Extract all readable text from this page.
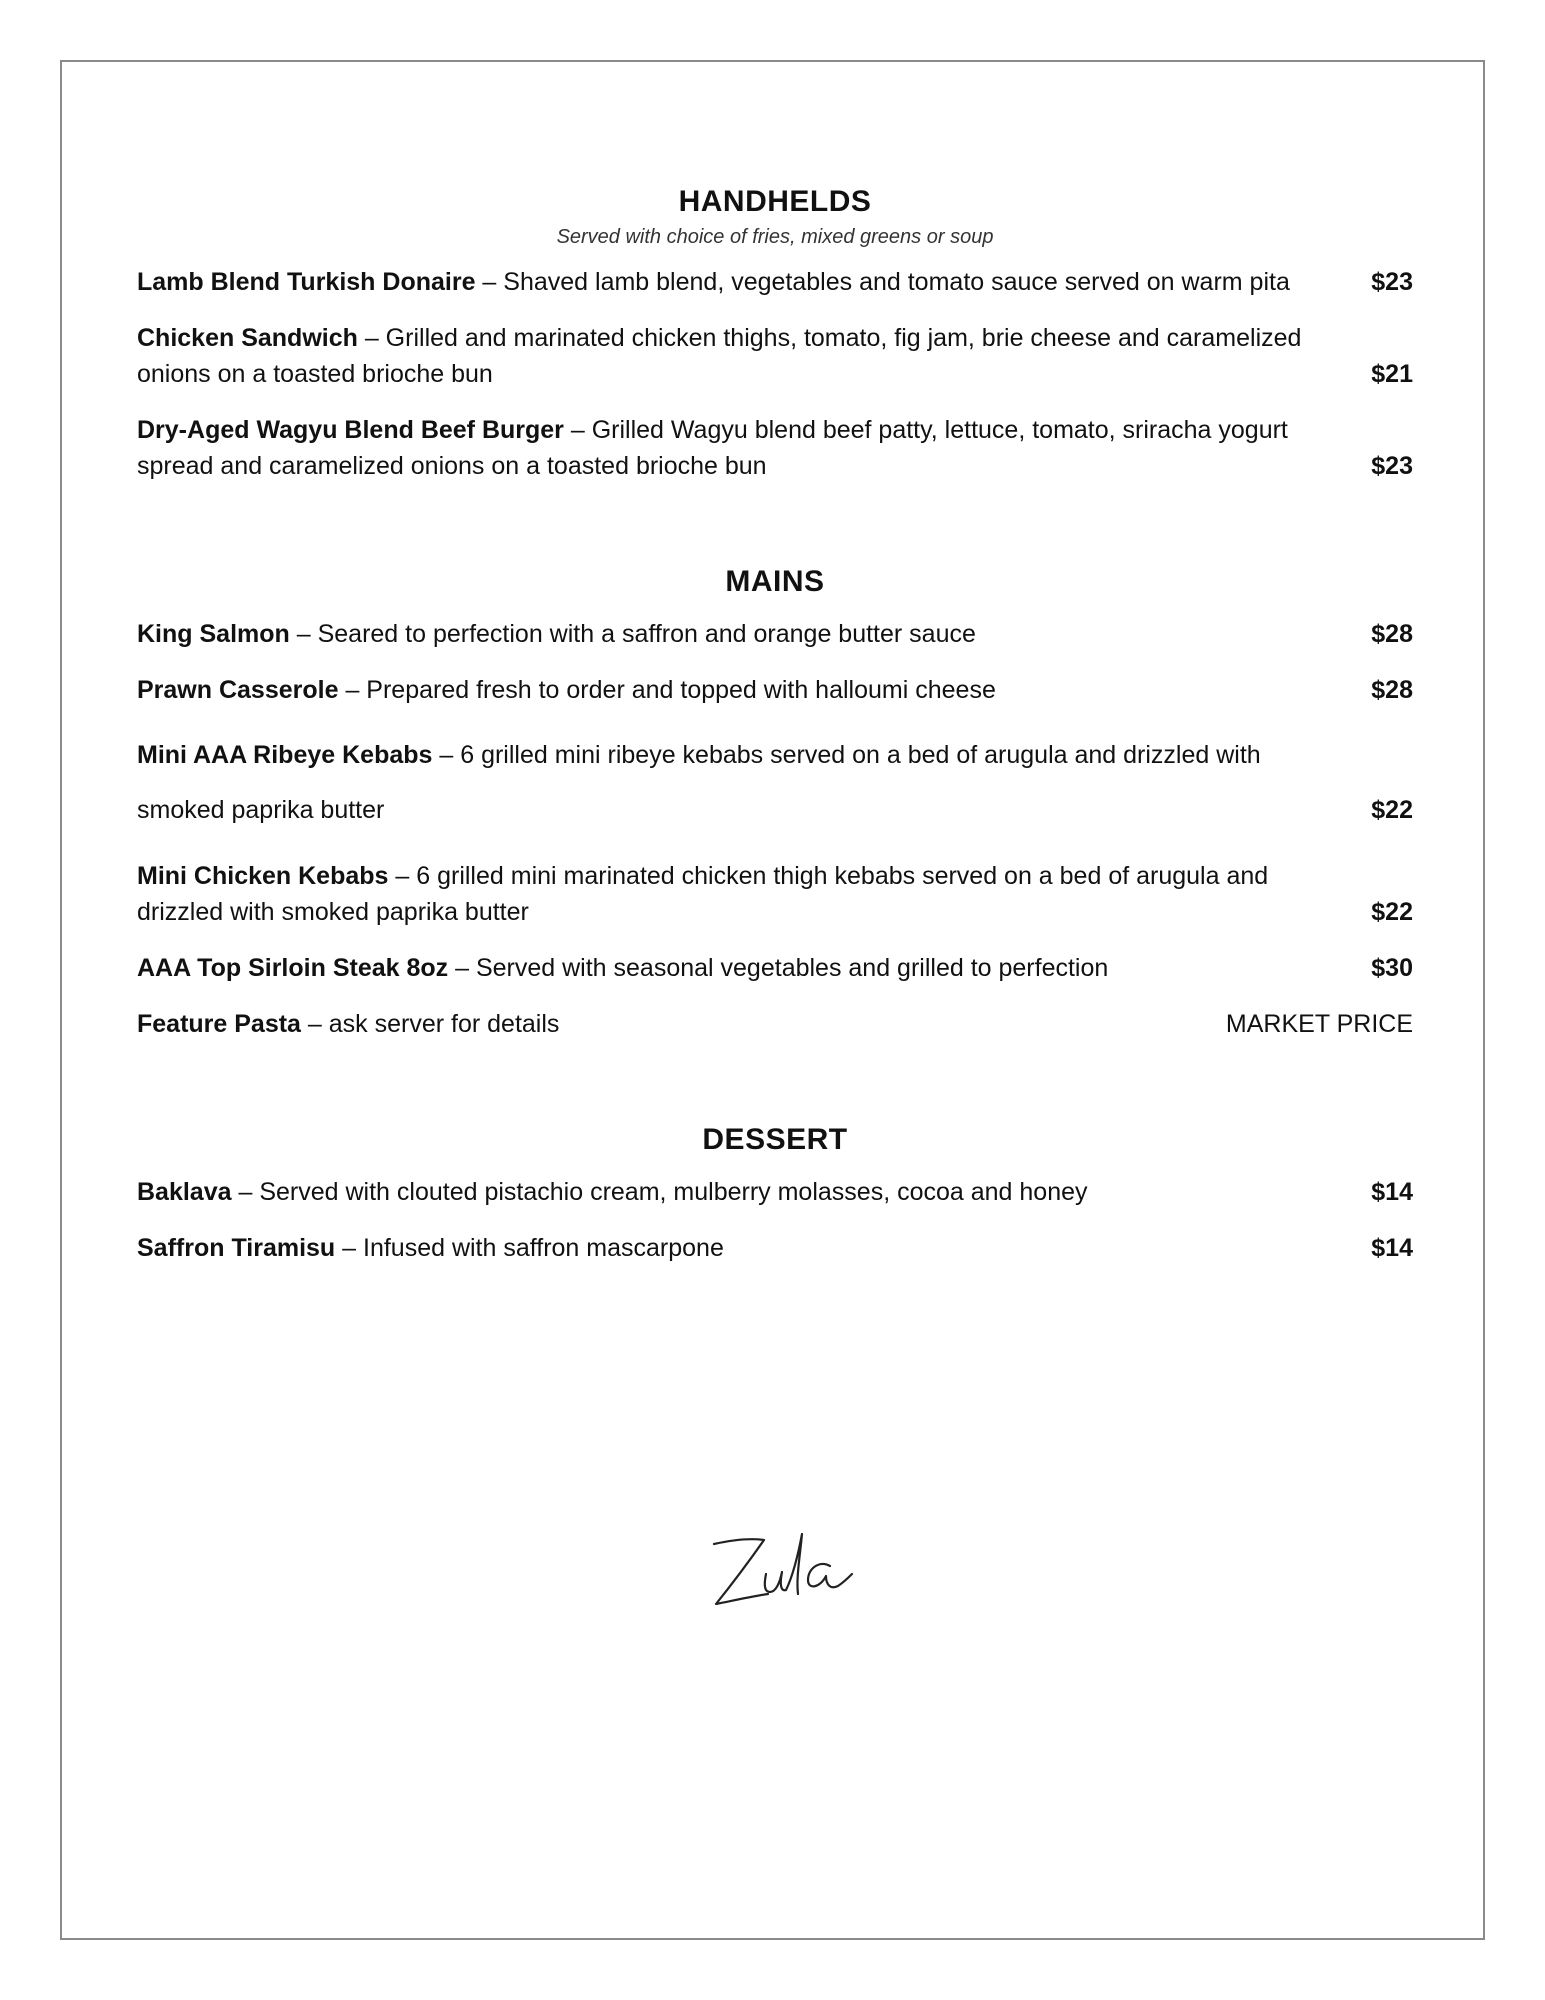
HANDHELDS
Served with choice of fries, mixed greens or soup
Lamb Blend Turkish Donaire – Shaved lamb blend, vegetables and tomato sauce served on warm pita	$23
Chicken Sandwich – Grilled and marinated chicken thighs, tomato, fig jam, brie cheese and caramelized onions on a toasted brioche bun	$21
Dry-Aged Wagyu Blend Beef Burger – Grilled Wagyu blend beef patty, lettuce, tomato, sriracha yogurt spread and caramelized onions on a toasted brioche bun	$23
MAINS
King Salmon – Seared to perfection with a saffron and orange butter sauce	$28
Prawn Casserole – Prepared fresh to order and topped with halloumi cheese	$28
Mini AAA Ribeye Kebabs – 6 grilled mini ribeye kebabs served on a bed of arugula and drizzled with smoked paprika butter	$22
Mini Chicken Kebabs – 6 grilled mini marinated chicken thigh kebabs served on a bed of arugula and drizzled with smoked paprika butter	$22
AAA Top Sirloin Steak 8oz – Served with seasonal vegetables and grilled to perfection	$30
Feature Pasta – ask server for details	MARKET PRICE
DESSERT
Baklava – Served with clouted pistachio cream, mulberry molasses, cocoa and honey	$14
Saffron Tiramisu – Infused with saffron mascarpone	$14
